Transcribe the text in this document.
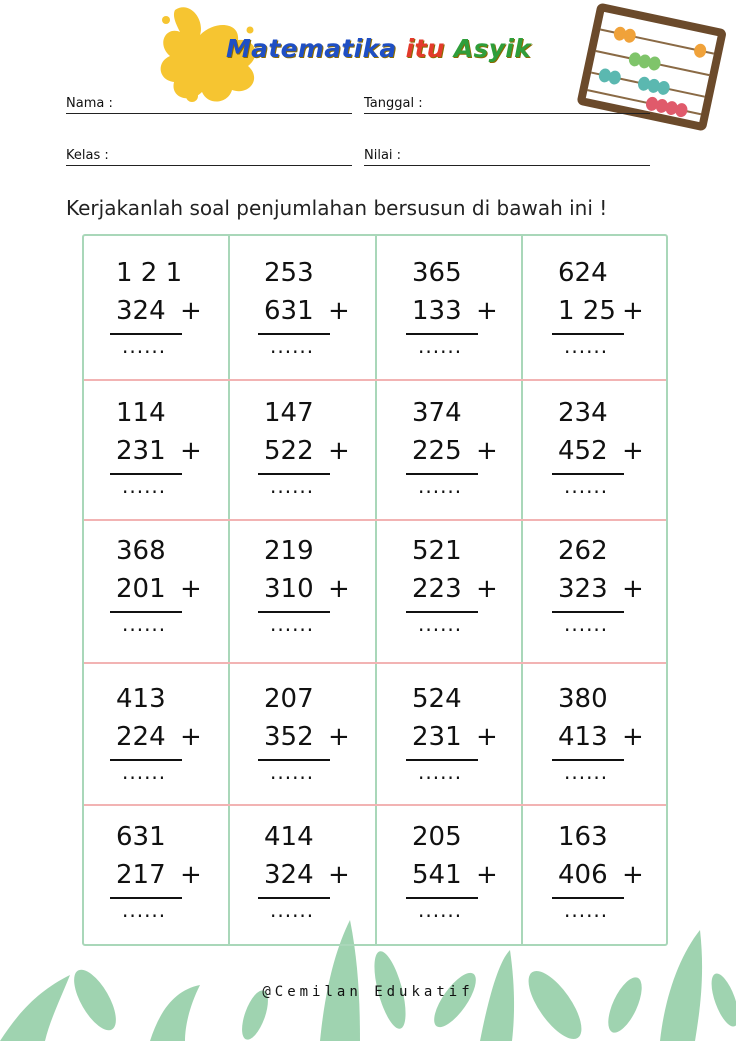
Matematika itu Asyik
Nama :	Tanggal :
Kelas :	Nilai :

Kerjakanlah soal penjumlahan bersusun di bawah ini !

1 2 1
324 +
......
253
631 +
......
365
133 +
......
624
1 25 +
......
114
231 +
......
147
522 +
......
374
225 +
......
234
452 +
......
368
201 +
......
219
310 +
......
521
223 +
......
262
323 +
......
413
224 +
......
207
352 +
......
524
231 +
......
380
413 +
......
631
217 +
......
414
324 +
......
205
541 +
......
163
406 +
......

@Cemilan Edukatif
